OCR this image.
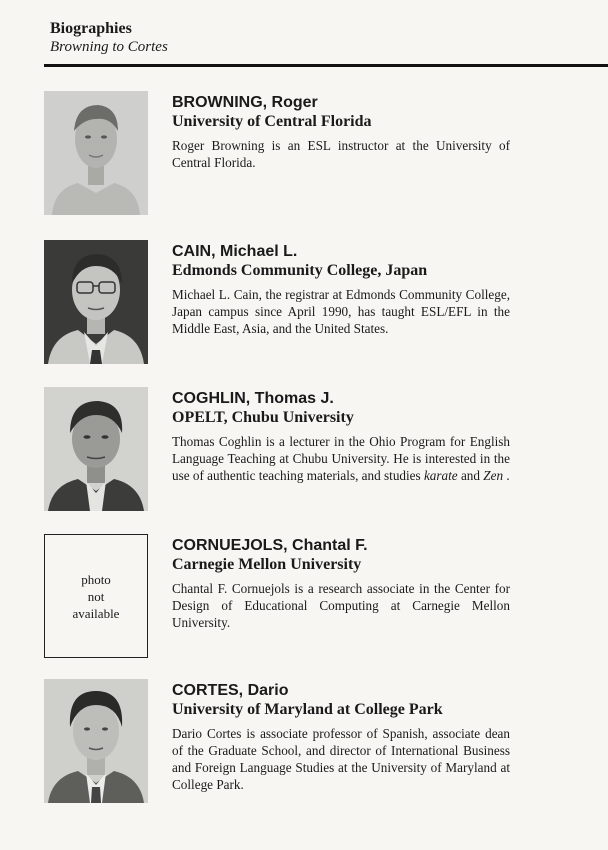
Biographies
Browning to Cortes
BROWNING, Roger
University of Central Florida
Roger Browning is an ESL instructor at the University of Central Florida.
CAIN, Michael L.
Edmonds Community College, Japan
Michael L. Cain, the registrar at Edmonds Community College, Japan campus since April 1990, has taught ESL/EFL in the Middle East, Asia, and the United States.
COGHLIN, Thomas J.
OPELT, Chubu University
Thomas Coghlin is a lecturer in the Ohio Program for English Language Teaching at Chubu University. He is interested in the use of authentic teaching materials, and studies karate and Zen .
photo
not
available
CORNUEJOLS, Chantal F.
Carnegie Mellon University
Chantal F. Cornuejols is a research associate in the Center for Design of Educational Computing at Carnegie Mellon University.
CORTES, Dario
University of Maryland at College Park
Dario Cortes is associate professor of Spanish, associate dean of the Graduate School, and director of International Business and Foreign Language Studies at the University of Maryland at College Park.
